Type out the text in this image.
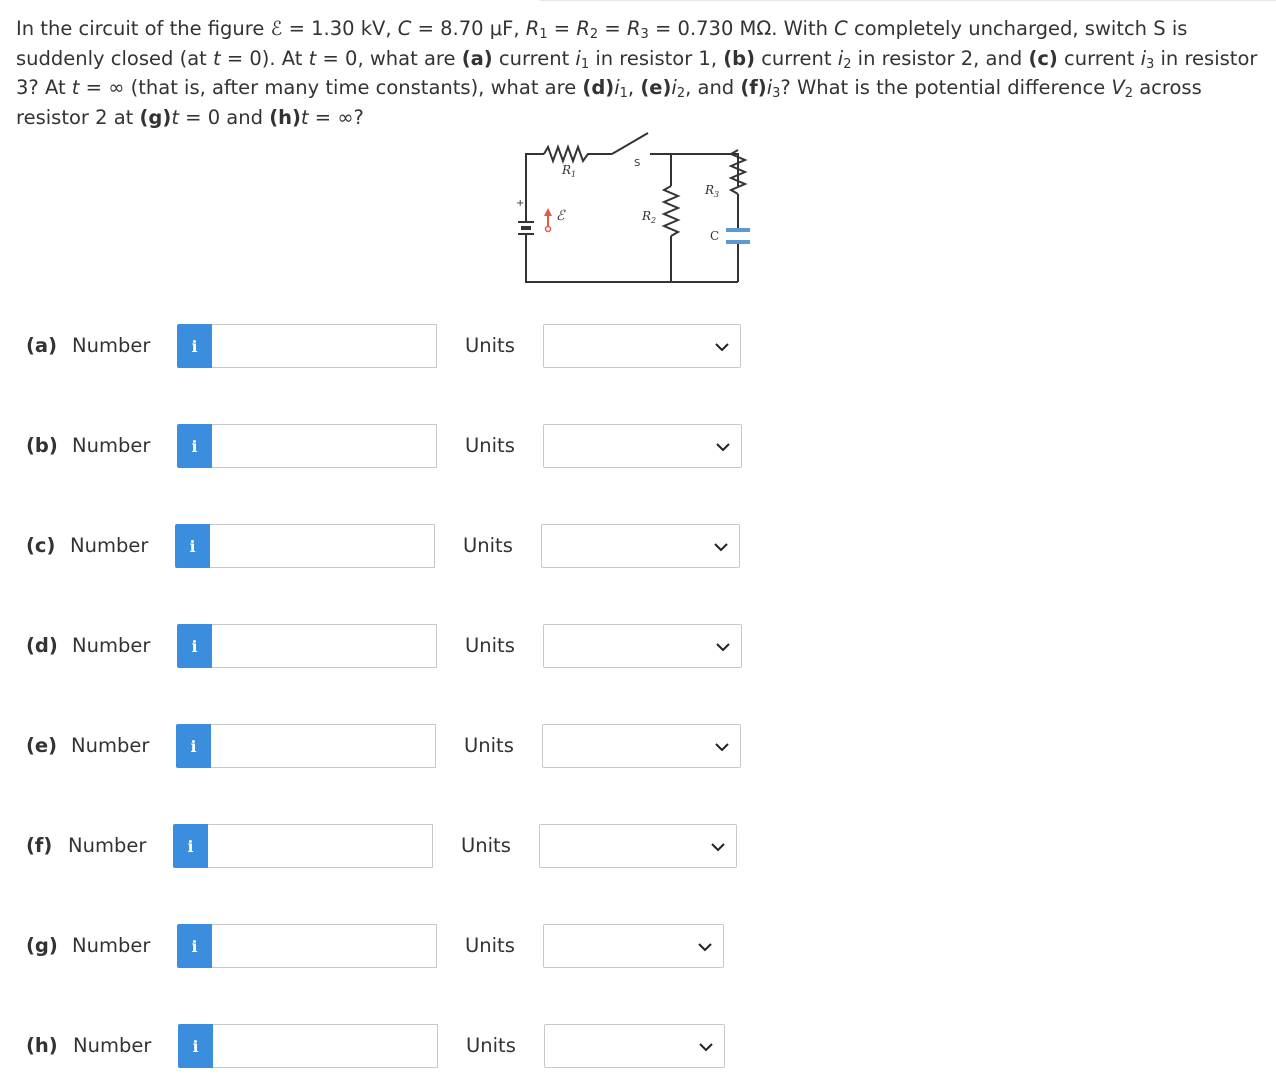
In the circuit of the figure ℰ = 1.30 kV, C = 8.70 μF, $R_1 = R_2 = R_3 = 0.730$ MΩ. With C completely uncharged, switch S is suddenly closed (at t = 0). At t = 0, what are (a) current $i_1$ in resistor 1, (b) current $i_2$ in resistor 2, and (c) current $i_3$ in resistor 3? At t = ∞ (that is, after many time constants), what are $(d)i_1$, $(e)i_2$, and $(f)i_3$? What is the potential difference $V_2$ across resistor 2 at (g)t = 0 and (h)t = ∞?
$R_1$
$R_2$
$R_3$
ℰ
C
S
+
(a) Number	i	Units
(b) Number	i	Units
(c) Number	i	Units
(d) Number	i	Units
(e) Number	i	Units
(f) Number	i	Units
(g) Number	i	Units
(h) Number	i	Units
